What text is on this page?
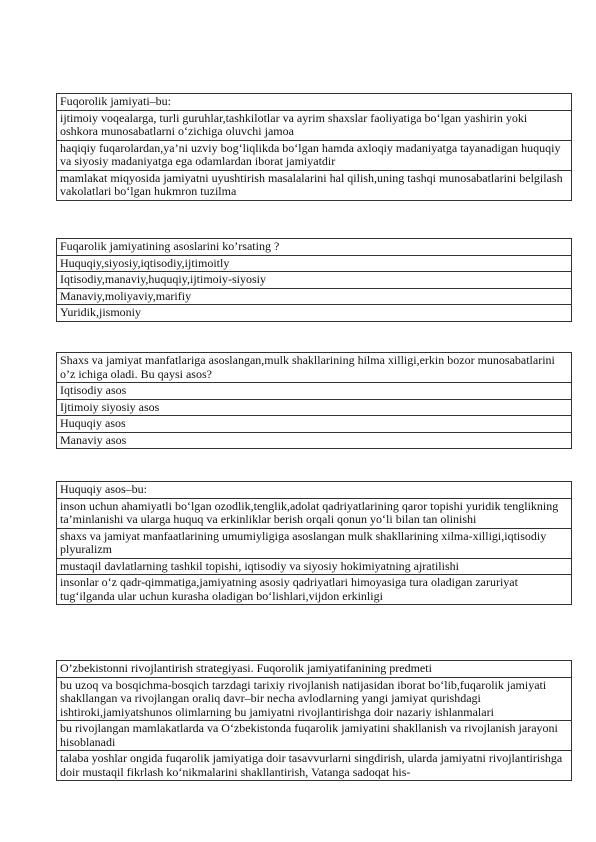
Fuqorolik jamiyati–bu:
ijtimoiy voqealarga, turli guruhlar,tashkilotlar va ayrim shaxslar faoliyatiga bo‘lgan yashirin yoki oshkora munosabatlarni o‘zichiga oluvchi jamoa
haqiqiy fuqarolardan,ya’ni uzviy bog‘liqlikda bo‘lgan hamda axloqiy madaniyatga tayanadigan huquqiy va siyosiy madaniyatga ega odamlardan iborat jamiyatdir
mamlakat miqyosida jamiyatni uyushtirish masalalarini hal qilish,uning tashqi munosabatlarini belgilash vakolatlari bo‘lgan hukmron tuzilma
Fuqarolik jamiyatining asoslarini ko’rsating ?
Huquqiy,siyosiy,iqtisodiy,ijtimoitly
Iqtisodiy,manaviy,huquqiy,ijtimoiy-siyosiy
Manaviy,moliyaviy,marifiy
Yuridik,jismoniy
Shaxs va jamiyat manfatlariga asoslangan,mulk shakllarining hilma xilligi,erkin bozor munosabatlarini o’z ichiga oladi. Bu qaysi asos?
Iqtisodiy asos
Ijtimoiy siyosiy asos
Huquqiy asos
Manaviy asos
Huquqiy asos–bu:
inson uchun ahamiyatli bo‘lgan ozodlik,tenglik,adolat qadriyatlarining qaror topishi yuridik tenglikning ta’minlanishi va ularga huquq va erkinliklar berish orqali qonun yo‘li bilan tan olinishi
shaxs va jamiyat manfaatlarining umumiyligiga asoslangan mulk shakllarining xilma-xilligi,iqtisodiy plyuralizm
mustaqil davlatlarning tashkil topishi, iqtisodiy va siyosiy hokimiyatning ajratilishi
insonlar o‘z qadr-qimmatiga,jamiyatning asosiy qadriyatlari himoyasiga tura oladigan zaruriyat tug‘ilganda ular uchun kurasha oladigan bo‘lishlari,vijdon erkinligi
O’zbekistonni rivojlantirish strategiyasi. Fuqorolik jamiyatifanining predmeti
bu uzoq va bosqichma-bosqich tarzdagi tarixiy rivojlanish natijasidan iborat bo‘lib,fuqarolik jamiyati shakllangan va rivojlangan oraliq davr–bir necha avlodlarning yangi jamiyat qurishdagi ishtiroki,jamiyatshunos olimlarning bu jamiyatni rivojlantirishga doir nazariy ishlanmalari
bu rivojlangan mamlakatlarda va O‘zbekistonda fuqarolik jamiyatini shakllanish va rivojlanish jarayoni hisoblanadi
talaba yoshlar ongida fuqarolik jamiyatiga doir tasavvurlarni singdirish, ularda jamiyatni rivojlantirishga doir mustaqil fikrlash ko‘nikmalarini shakllantirish, Vatanga sadoqat his-
